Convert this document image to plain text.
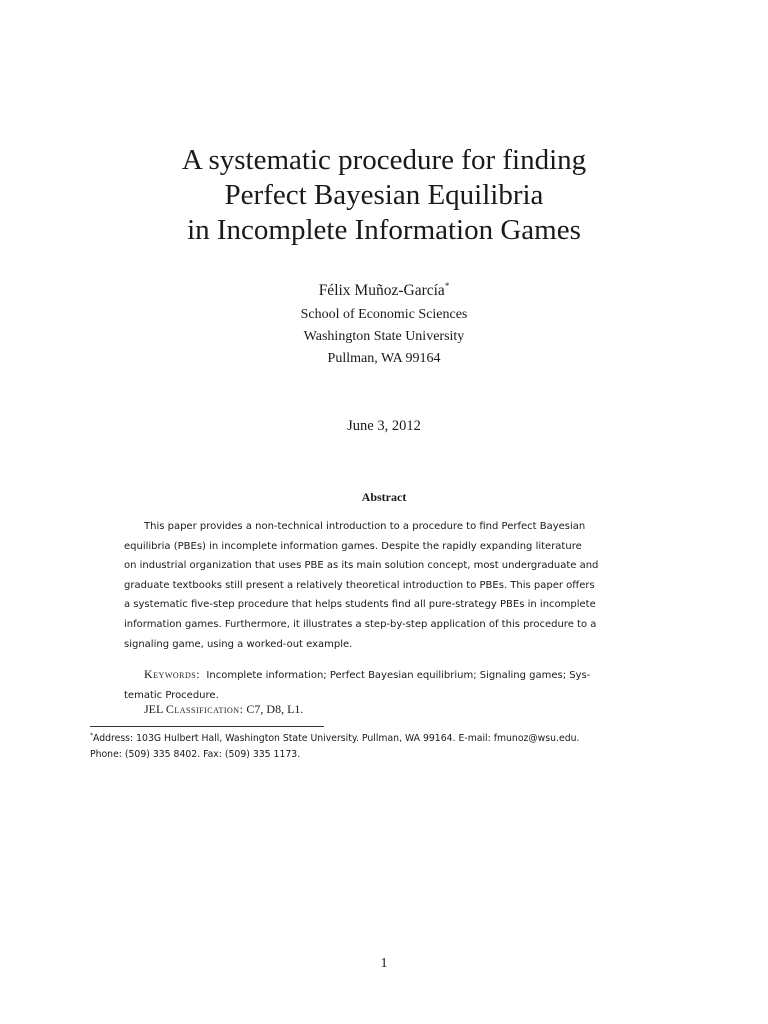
A systematic procedure for finding
Perfect Bayesian Equilibria
in Incomplete Information Games
Félix Muñoz-García*
School of Economic Sciences
Washington State University
Pullman, WA 99164
June 3, 2012
Abstract
This paper provides a non-technical introduction to a procedure to find Perfect Bayesian
equilibria (PBEs) in incomplete information games. Despite the rapidly expanding literature
on industrial organization that uses PBE as its main solution concept, most undergraduate and
graduate textbooks still present a relatively theoretical introduction to PBEs. This paper offers
a systematic five-step procedure that helps students find all pure-strategy PBEs in incomplete
information games. Furthermore, it illustrates a step-by-step application of this procedure to a
signaling game, using a worked-out example.
Keywords: Incomplete information; Perfect Bayesian equilibrium; Signaling games; Sys-
tematic Procedure.
JEL Classification: C7, D8, L1.
*Address: 103G Hulbert Hall, Washington State University. Pullman, WA 99164. E-mail: fmunoz@wsu.edu.
Phone: (509) 335 8402. Fax: (509) 335 1173.
1
